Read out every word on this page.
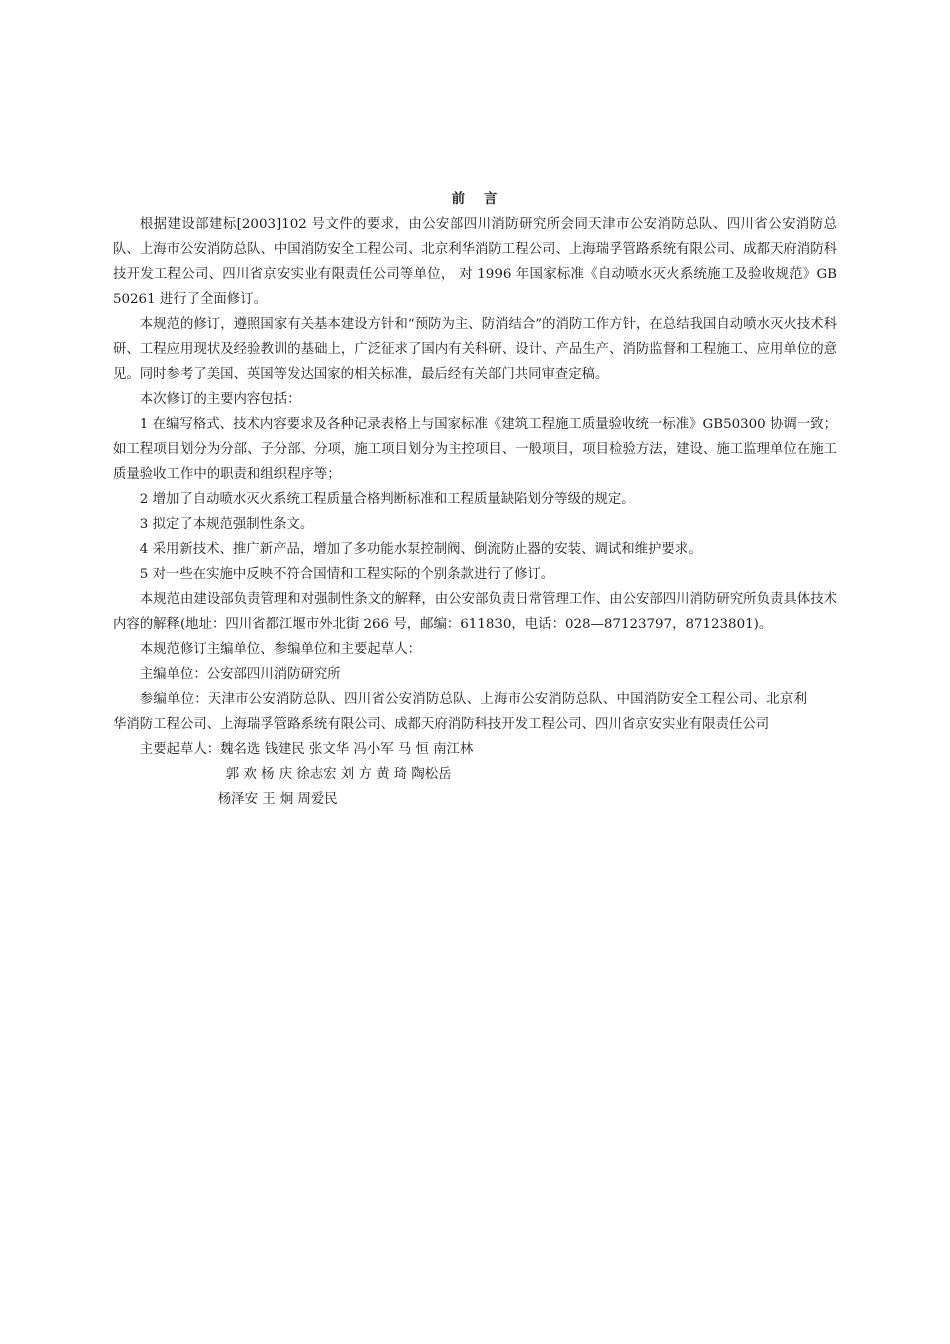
前 言

根据建设部建标[2003]102 号文件的要求，由公安部四川消防研究所会同天津市公安消防总队、四川省公安消防总队、上海市公安消防总队、中国消防安全工程公司、北京利华消防工程公司、上海瑞孚管路系统有限公司、成都天府消防科技开发工程公司、四川省京安实业有限责任公司等单位， 对 1996 年国家标准《自动喷水灭火系统施工及验收规范》GB 50261 进行了全面修订。

本规范的修订，遵照国家有关基本建设方针和“预防为主、防消结合”的消防工作方针，在总结我国自动喷水灭火技术科研、工程应用现状及经验教训的基础上，广泛征求了国内有关科研、设计、产品生产、消防监督和工程施工、应用单位的意见。同时参考了美国、英国等发达国家的相关标准，最后经有关部门共同审查定稿。

本次修订的主要内容包括：

1 在编写格式、技术内容要求及各种记录表格上与国家标准《建筑工程施工质量验收统一标准》GB50300 协调一致；如工程项目划分为分部、子分部、分项，施工项目划分为主控项目、一般项目，项目检验方法，建设、施工监理单位在施工质量验收工作中的职责和组织程序等；

2 增加了自动喷水灭火系统工程质量合格判断标准和工程质量缺陷划分等级的规定。

3 拟定了本规范强制性条文。

4 采用新技术、推广新产品，增加了多功能水泵控制阀、倒流防止器的安装、调试和维护要求。

5 对一些在实施中反映不符合国情和工程实际的个别条款进行了修订。

本规范由建设部负责管理和对强制性条文的解释，由公安部负责日常管理工作、由公安部四川消防研究所负责具体技术内容的解释(地址：四川省都江堰市外北街 266 号，邮编：611830，电话：028—87123797，87123801)。

本规范修订主编单位、参编单位和主要起草人：

主编单位：公安部四川消防研究所

参编单位：天津市公安消防总队、四川省公安消防总队、上海市公安消防总队、中国消防安全工程公司、北京利华消防工程公司、上海瑞孚管路系统有限公司、成都天府消防科技开发工程公司、四川省京安实业有限责任公司

主要起草人：魏名选 钱建民 张文华 冯小军 马 恒 南江林
郭 欢 杨 庆 徐志宏 刘 方 黄 琦 陶松岳
杨泽安 王 炯 周爱民
